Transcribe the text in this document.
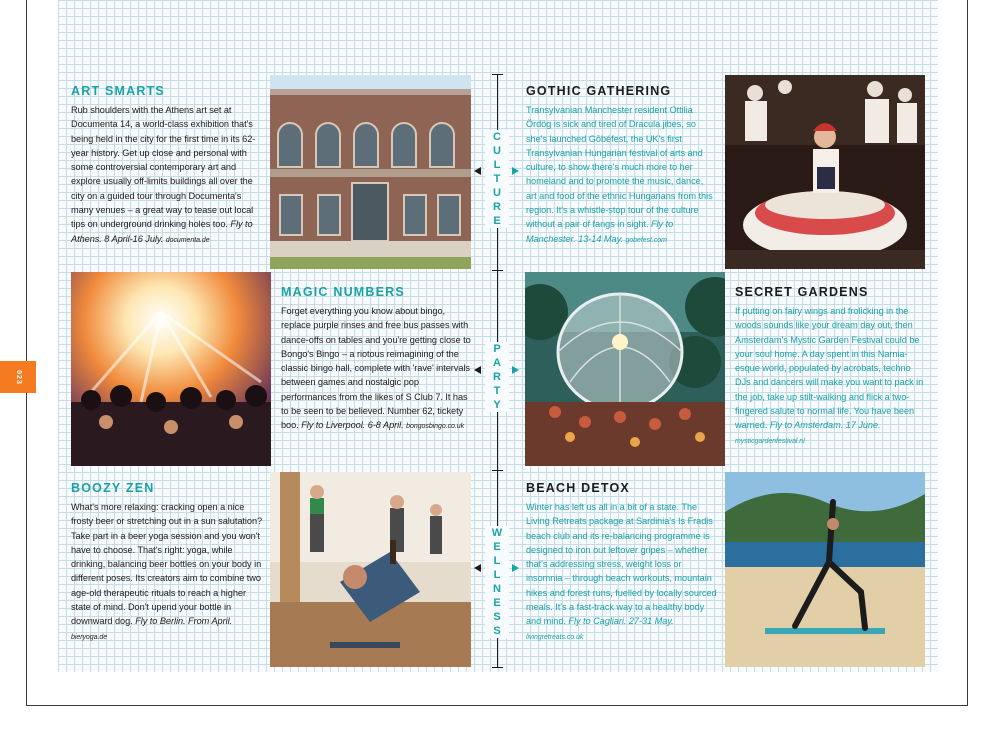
023
ART SMARTS
Rub shoulders with the Athens art set at Documenta 14, a world-class exhibition that's being held in the city for the first time in its 62-year history. Get up close and personal with some controversial contemporary art and explore usually off-limits buildings all over the city on a guided tour through Documenta's many venues – a great way to tease out local tips on underground drinking holes too. Fly to Athens. 8 April-16 July. documenta.de
GOTHIC GATHERING
Transylvanian Manchester resident Ottilia Ördög is sick and tired of Dracula jibes, so she's launched Gōbéfest, the UK's first Transylvanian Hungarian festival of arts and culture, to show there's much more to her homeland and to promote the music, dance, art and food of the ethnic Hungarians from this region. It's a whistle-stop tour of the culture without a pair of fangs in sight. Fly to Manchester. 13-14 May. gobefest.com
MAGIC NUMBERS
Forget everything you know about bingo, replace purple rinses and free bus passes with dance-offs on tables and you're getting close to Bongo's Bingo – a riotous reimagining of the classic bingo hall, complete with 'rave' intervals between games and nostalgic pop performances from the likes of S Club 7. It has to be seen to be believed. Number 62, tickety boo. Fly to Liverpool. 6-8 April. bongosbingo.co.uk
SECRET GARDENS
If putting on fairy wings and frolicking in the woods sounds like your dream day out, then Amsterdam's Mystic Garden Festival could be your soul home. A day spent in this Narnia-esque world, populated by acrobats, techno DJs and dancers will make you want to pack in the job, take up stilt-walking and flick a two-fingered salute to normal life. You have been warned. Fly to Amsterdam. 17 June. mysticgardenfestival.nl
BOOZY ZEN
What's more relaxing: cracking open a nice frosty beer or stretching out in a sun salutation? Take part in a beer yoga session and you won't have to choose. That's right: yoga, while drinking, balancing beer bottles on your body in different poses. Its creators aim to combine two age-old therapeutic rituals to reach a higher state of mind. Don't upend your bottle in downward dog. Fly to Berlin. From April. bieryoga.de
BEACH DETOX
Winter has left us all in a bit of a state. The Living Retreats package at Sardinia's Is Fradis beach club and its re-balancing programme is designed to iron out leftover gripes – whether that's addressing stress, weight loss or insomnia – through beach workouts, mountain hikes and forest runs, fuelled by locally sourced meals. It's a fast-track way to a healthy body and mind. Fly to Cagliari. 27-31 May. livingretreats.co.uk
C
U
L
T
U
R
E
P
A
R
T
Y
W
E
L
L
N
E
S
S
